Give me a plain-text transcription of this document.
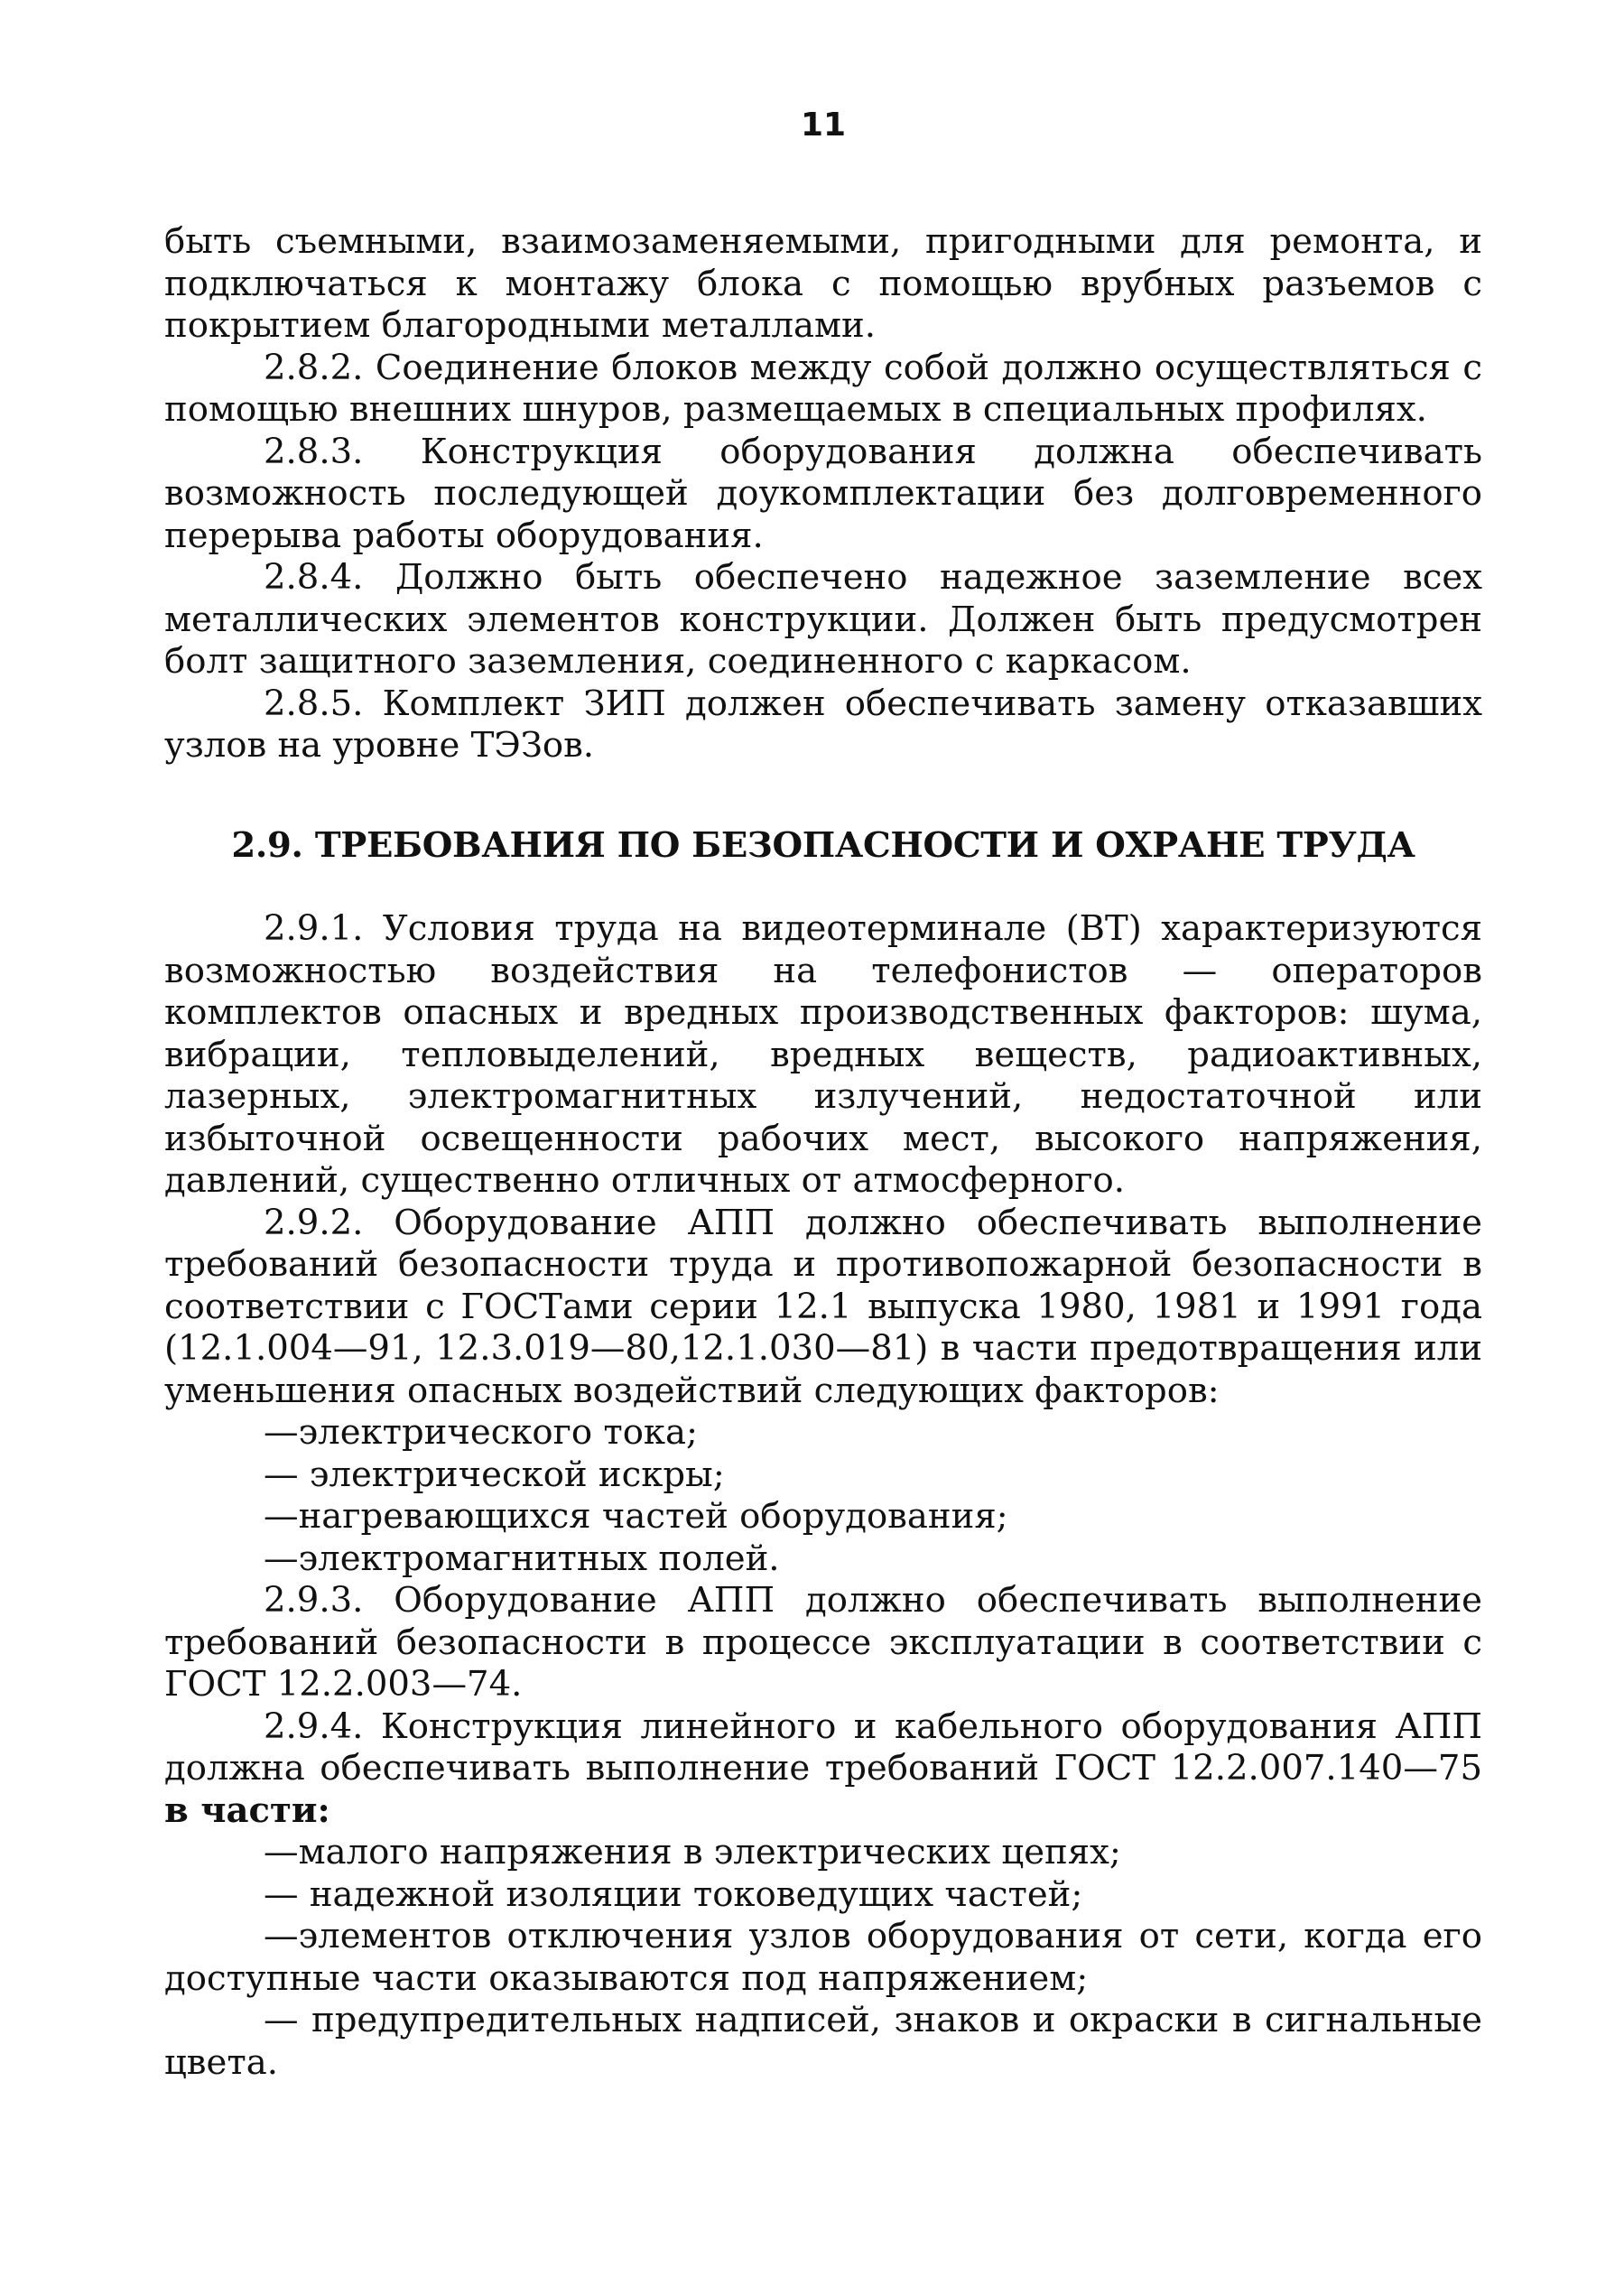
11

быть съемными, взаимозаменяемыми, пригодными для ремонта, и подключаться к монтажу блока с помощью врубных разъемов с покрытием благородными металлами.

2.8.2. Соединение блоков между собой должно осуществляться с помощью внешних шнуров, размещаемых в специальных профилях.

2.8.3. Конструкция оборудования должна обеспечивать возможность последующей доукомплектации без долговременного перерыва работы оборудования.

2.8.4. Должно быть обеспечено надежное заземление всех металлических элементов конструкции. Должен быть предусмотрен болт защитного заземления, соединенного с каркасом.

2.8.5. Комплект ЗИП должен обеспечивать замену отказавших узлов на уровне ТЭЗов.

2.9. ТРЕБОВАНИЯ ПО БЕЗОПАСНОСТИ И ОХРАНЕ ТРУДА

2.9.1. Условия труда на видеотерминале (ВТ) характеризуются возможностью воздействия на телефонистов — операторов комплектов опасных и вредных производственных факторов: шума, вибрации, тепловыделений, вредных веществ, радиоактивных, лазерных, электромагнитных излучений, недостаточной или избыточной освещенности рабочих мест, высокого напряжения, давлений, существенно отличных от атмосферного.

2.9.2. Оборудование АПП должно обеспечивать выполнение требований безопасности труда и противопожарной безопасности в соответствии с ГОСТами серии 12.1 выпуска 1980, 1981 и 1991 года (12.1.004—91, 12.3.019—80,12.1.030—81) в части предотвращения или уменьшения опасных воздействий следующих факторов:

—электрического тока;

— электрической искры;

—нагревающихся частей оборудования;

—электромагнитных полей.

2.9.3. Оборудование АПП должно обеспечивать выполнение требований безопасности в процессе эксплуатации в соответствии с ГОСТ 12.2.003—74.

2.9.4. Конструкция линейного и кабельного оборудования АПП должна обеспечивать выполнение требований ГОСТ 12.2.007.140—75 в части:

—малого напряжения в электрических цепях;

— надежной изоляции токоведущих частей;

—элементов отключения узлов оборудования от сети, когда его доступные части оказываются под напряжением;

— предупредительных надписей, знаков и окраски в сигнальные цвета.
